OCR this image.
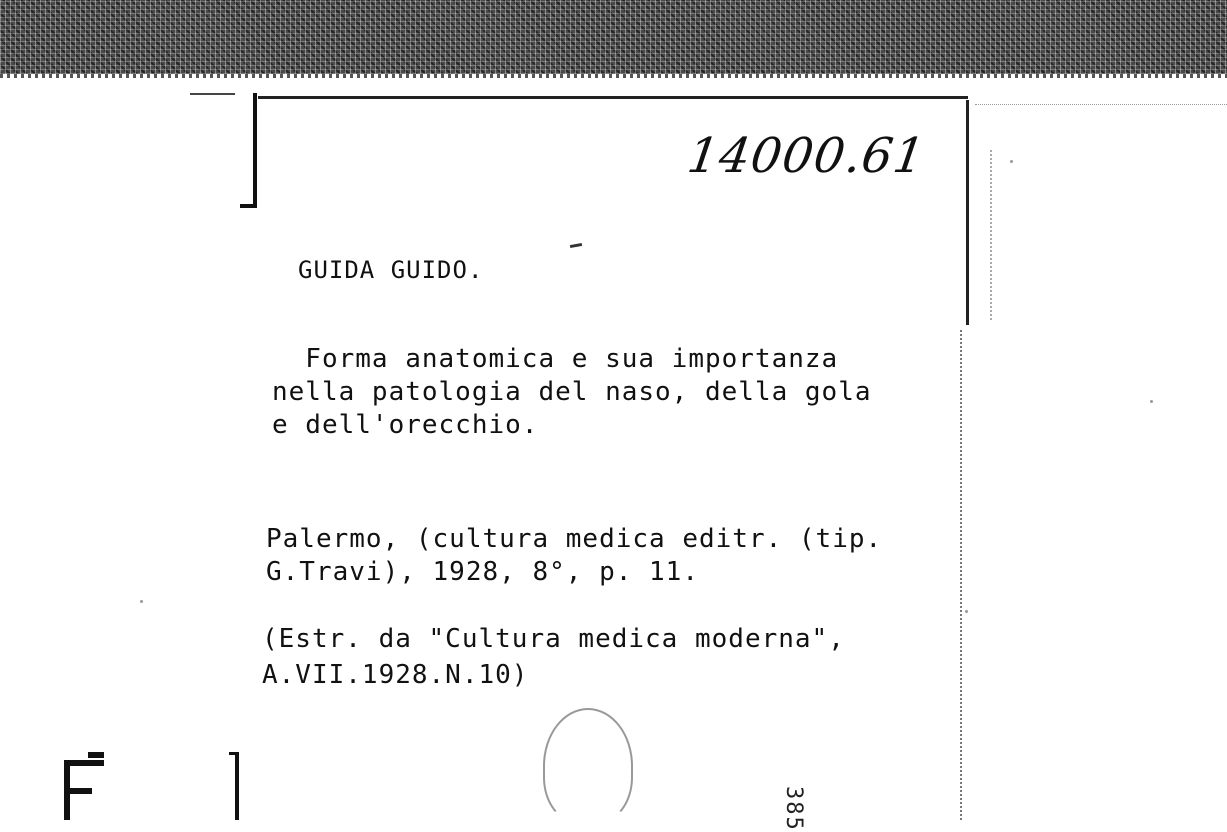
14000.61
GUIDA GUIDO.
Forma anatomica e sua importanza
nella patologia del naso, della gola
e dell'orecchio.
Palermo, (cultura medica editr. (tip.
G.Travi), 1928, 8°, p. 11.
(Estr. da "Cultura medica moderna",
A.VII.1928.N.10)
385
